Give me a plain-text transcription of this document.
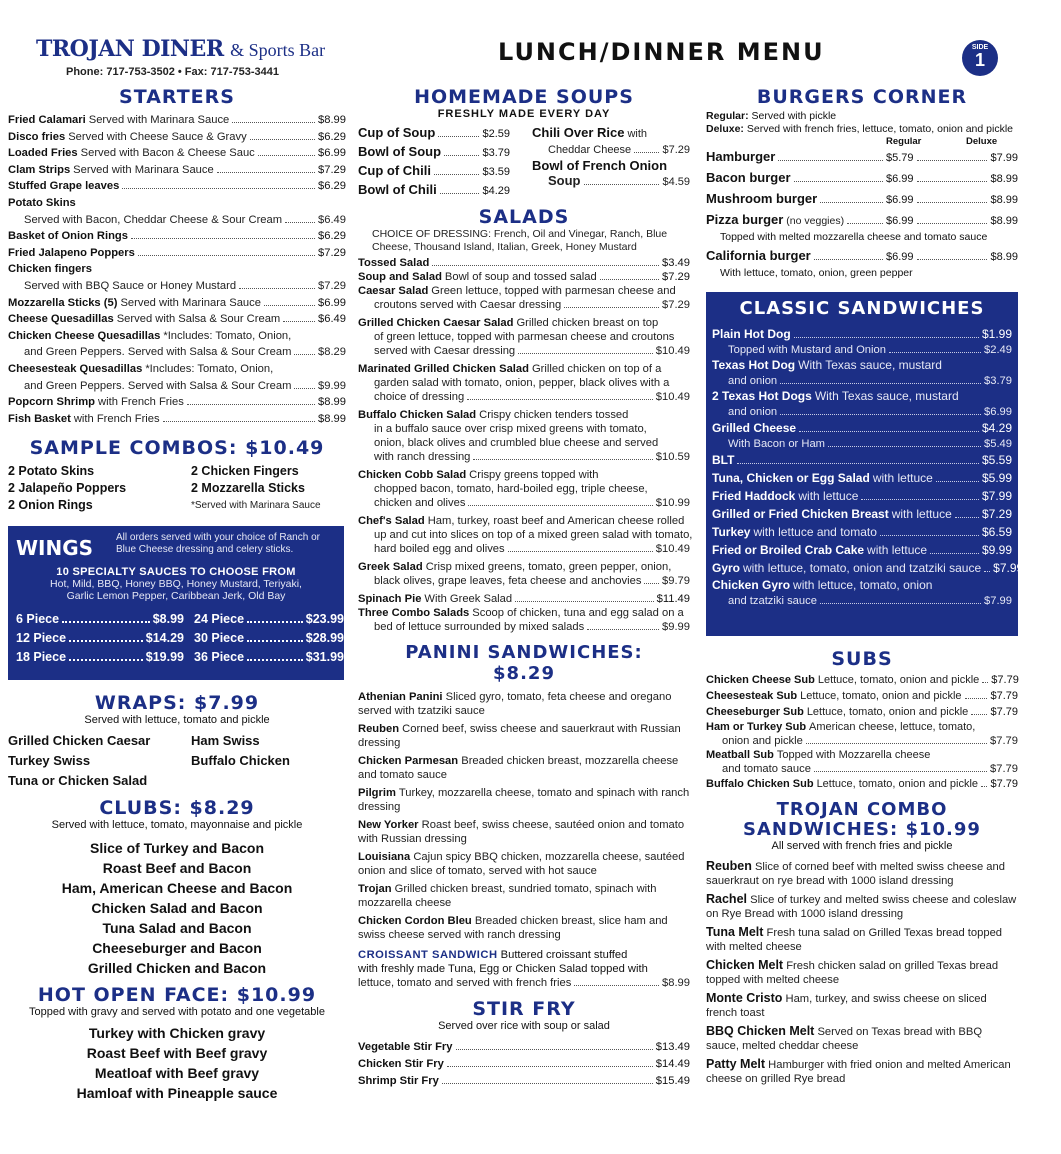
TROJAN DINER & Sports Bar
Phone: 717-753-3502 • Fax: 717-753-3441
LUNCH/DINNER MENU	SIDE
1
STARTERS
Fried Calamari Served with Marinara Sauce	$8.99
Disco fries Served with Cheese Sauce & Gravy	$6.29
Loaded Fries Served with Bacon & Cheese Sauc	$6.99
Clam Strips Served with Marinara Sauce	$7.29
Stuffed Grape leaves	$6.29
Potato Skins
Served with Bacon, Cheddar Cheese & Sour Cream	$6.49
Basket of Onion Rings	$6.29
Fried Jalapeno Poppers	$7.29
Chicken fingers
Served with BBQ Sauce or Honey Mustard	$7.29
Mozzarella Sticks (5) Served with Marinara Sauce	$6.99
Cheese Quesadillas Served with Salsa & Sour Cream	$6.49
Chicken Cheese Quesadillas *Includes: Tomato, Onion,
and Green Peppers. Served with Salsa & Sour Cream $8.29
Cheesesteak Quesadillas *Includes: Tomato, Onion,
and Green Peppers. Served with Salsa & Sour Cream $9.99
Popcorn Shrimp with French Fries	$8.99
Fish Basket with French Fries	$8.99
SAMPLE COMBOS: $10.49
2 Potato Skins
2 Jalapeño Poppers
2 Onion Rings
2 Chicken Fingers
2 Mozzarella Sticks
*Served with Marinara Sauce
WINGS	All orders served with your choice of Ranch or Blue Cheese dressing and celery sticks.
10 SPECIALTY SAUCES TO CHOOSE FROM
Hot, Mild, BBQ, Honey BBQ, Honey Mustard, Teriyaki,
Garlic Lemon Pepper, Caribbean Jerk, Old Bay
6 Piece	$8.99 24 Piece	$23.99
12 Piece	$14.29 30 Piece	$28.99
18 Piece	$19.99 36 Piece	$31.99
WRAPS: $7.99
Served with lettuce, tomato and pickle
Grilled Chicken Caesar
Turkey Swiss
Tuna or Chicken Salad
Ham Swiss
Buffalo Chicken
CLUBS: $8.29
Served with lettuce, tomato, mayonnaise and pickle
Slice of Turkey and Bacon
Roast Beef and Bacon
Ham, American Cheese and Bacon
Chicken Salad and Bacon
Tuna Salad and Bacon
Cheeseburger and Bacon
Grilled Chicken and Bacon
HOT OPEN FACE: $10.99
Topped with gravy and served with potato and one vegetable
Turkey with Chicken gravy
Roast Beef with Beef gravy
Meatloaf with Beef gravy
Hamloaf with Pineapple sauce
HOMEMADE SOUPS
FRESHLY MADE EVERY DAY
Cup of Soup	$2.59
Bowl of Soup	$3.79
Cup of Chili	$3.59
Bowl of Chili	$4.29
Chili Over Rice with
Cheddar Cheese	$7.29
Bowl of French Onion
Soup	$4.59
SALADS
CHOICE OF DRESSING: French, Oil and Vinegar, Ranch, Blue
Cheese, Thousand Island, Italian, Greek, Honey Mustard
Tossed Salad	$3.49
Soup and Salad Bowl of soup and tossed salad	$7.29
Caesar Salad Green lettuce, topped with parmesan cheese and
croutons served with Caesar dressing	$7.29
Grilled Chicken Caesar Salad Grilled chicken breast on top
of green lettuce, topped with parmesan cheese and croutons
served with Caesar dressing	$10.49
Marinated Grilled Chicken Salad Grilled chicken on top of a
garden salad with tomato, onion, pepper, black olives with a
choice of dressing	$10.49
Buffalo Chicken Salad Crispy chicken tenders tossed
in a buffalo sauce over crisp mixed greens with tomato,
onion, black olives and crumbled blue cheese and served
with ranch dressing	$10.59
Chicken Cobb Salad Crispy greens topped with
chopped bacon, tomato, hard-boiled egg, triple cheese,
chicken and olives	$10.99
Chef's Salad Ham, turkey, roast beef and American cheese rolled
up and cut into slices on top of a mixed green salad with tomato,
hard boiled egg and olives	$10.49
Greek Salad Crisp mixed greens, tomato, green pepper, onion,
black olives, grape leaves, feta cheese and anchovies $9.79
Spinach Pie With Greek Salad	$11.49
Three Combo Salads Scoop of chicken, tuna and egg salad on a
bed of lettuce surrounded by mixed salads	$9.99
PANINI SANDWICHES:
$8.29
Athenian Panini Sliced gyro, tomato, feta cheese and oregano served with tzatziki sauce
Reuben Corned beef, swiss cheese and sauerkraut with Russian dressing
Chicken Parmesan Breaded chicken breast, mozzarella cheese and tomato sauce
Pilgrim Turkey, mozzarella cheese, tomato and spinach with ranch dressing
New Yorker Roast beef, swiss cheese, sautéed onion and tomato with Russian dressing
Louisiana Cajun spicy BBQ chicken, mozzarella cheese, sautéed onion and slice of tomato, served with hot sauce
Trojan Grilled chicken breast, sundried tomato, spinach with mozzarella cheese
Chicken Cordon Bleu Breaded chicken breast, slice ham and swiss cheese served with ranch dressing
CROISSANT SANDWICH Buttered croissant stuffed
with freshly made Tuna, Egg or Chicken Salad topped with
lettuce, tomato and served with french fries	$8.99
STIR FRY
Served over rice with soup or salad
Vegetable Stir Fry	$13.49
Chicken Stir Fry	$14.49
Shrimp Stir Fry	$15.49
BURGERS CORNER
Regular: Served with pickle
Deluxe: Served with french fries, lettuce, tomato, onion and pickle
Regular	Deluxe
Hamburger	$5.79	$7.99
Bacon burger	$6.99	$8.99
Mushroom burger	$6.99	$8.99
Pizza burger (no veggies)	$6.99	$8.99
Topped with melted mozzarella cheese and tomato sauce
California burger	$6.99	$8.99
With lettuce, tomato, onion, green pepper
CLASSIC SANDWICHES
Plain Hot Dog	$1.99
Topped with Mustard and Onion	$2.49
Texas Hot Dog With Texas sauce, mustard
and onion	$3.79
2 Texas Hot Dogs With Texas sauce, mustard
and onion	$6.99
Grilled Cheese	$4.29
With Bacon or Ham	$5.49
BLT	$5.59
Tuna, Chicken or Egg Salad with lettuce	$5.99
Fried Haddock with lettuce	$7.99
Grilled or Fried Chicken Breast with lettuce	$7.29
Turkey with lettuce and tomato	$6.59
Fried or Broiled Crab Cake with lettuce	$9.99
Gyro with lettuce, tomato, onion and tzatziki sauce $7.99
Chicken Gyro with lettuce, tomato, onion
and tzatziki sauce	$7.99
SUBS
Chicken Cheese Sub Lettuce, tomato, onion and pickle $7.79
Cheesesteak Sub Lettuce, tomato, onion and pickle	$7.79
Cheeseburger Sub Lettuce, tomato, onion and pickle $7.79
Ham or Turkey Sub American cheese, lettuce, tomato,
onion and pickle	$7.79
Meatball Sub Topped with Mozzarella cheese
and tomato sauce	$7.79
Buffalo Chicken Sub Lettuce, tomato, onion and pickle $7.79
TROJAN COMBO
SANDWICHES: $10.99
All served with french fries and pickle
Reuben Slice of corned beef with melted swiss cheese and sauerkraut on rye bread with 1000 island dressing
Rachel Slice of turkey and melted swiss cheese and coleslaw on Rye Bread with 1000 island dressing
Tuna Melt Fresh tuna salad on Grilled Texas bread topped with melted cheese
Chicken Melt Fresh chicken salad on grilled Texas bread topped with melted cheese
Monte Cristo Ham, turkey, and swiss cheese on sliced french toast
BBQ Chicken Melt Served on Texas bread with BBQ sauce, melted cheddar cheese
Patty Melt Hamburger with fried onion and melted American cheese on grilled Rye bread
